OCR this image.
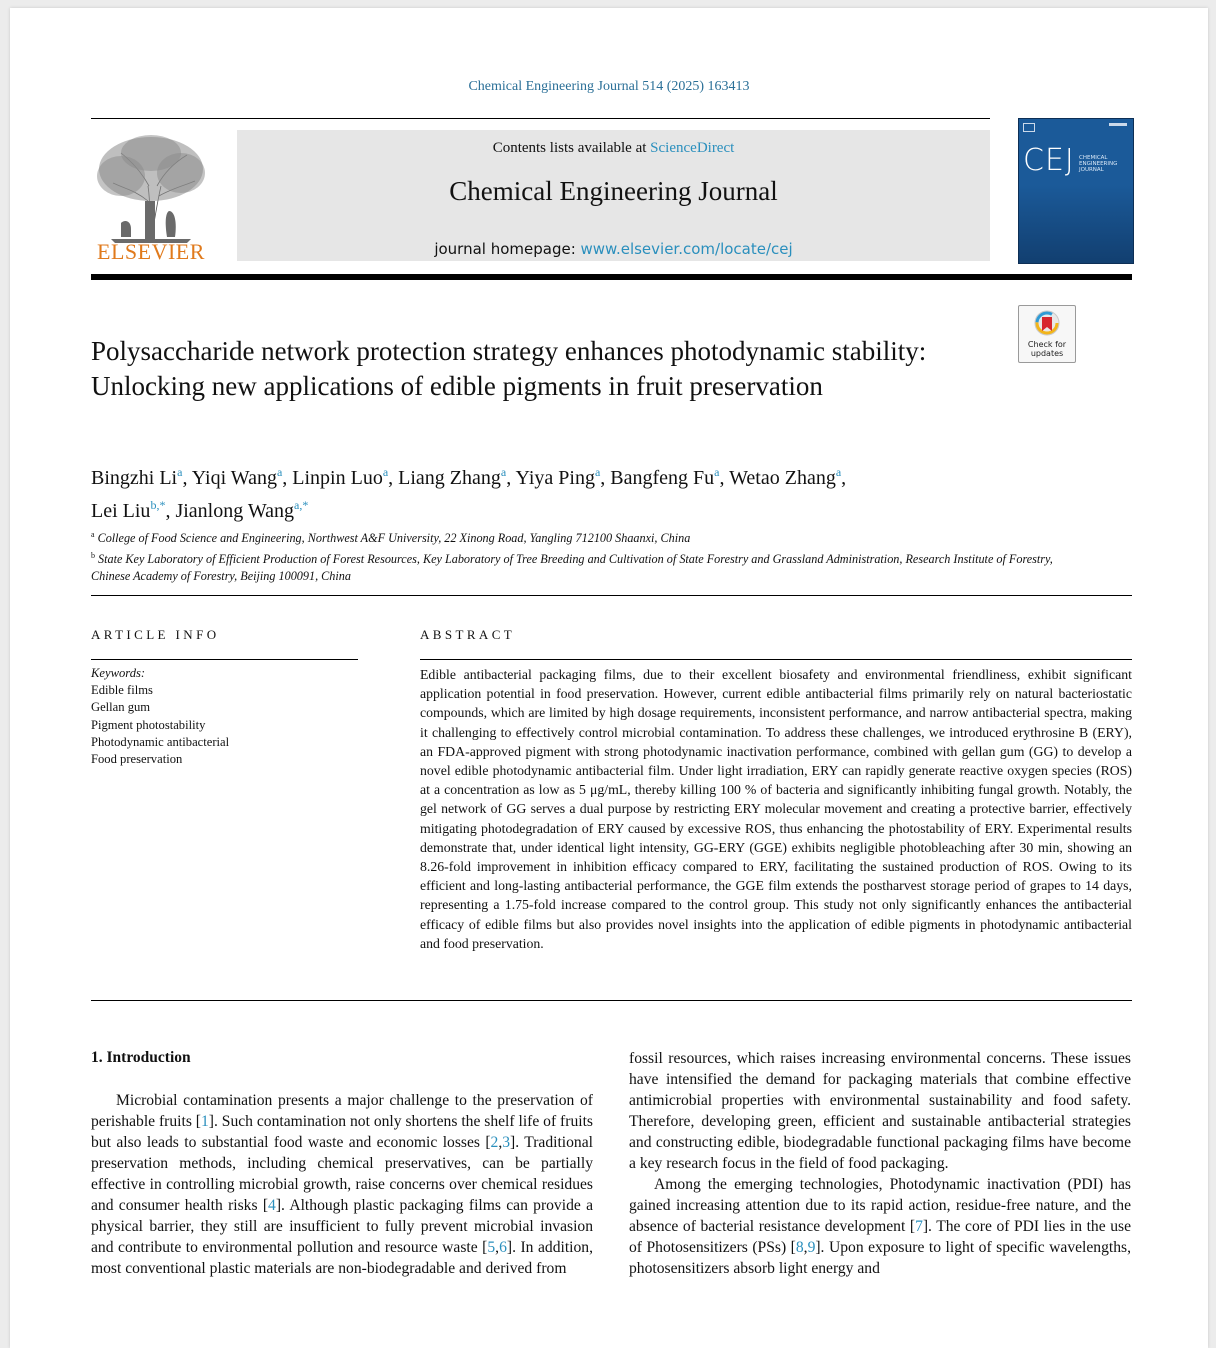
Chemical Engineering Journal 514 (2025) 163413
ELSEVIER
Contents lists available at ScienceDirect
Chemical Engineering Journal
journal homepage: www.elsevier.com/locate/cej
CEJ CHEMICAL ENGINEERING JOURNAL
Check for updates
Polysaccharide network protection strategy enhances photodynamic stability: Unlocking new applications of edible pigments in fruit preservation
Bingzhi Li$^a$, Yiqi Wang$^a$, Linpin Luo$^a$, Liang Zhang$^a$, Yiya Ping$^a$, Bangfeng Fu$^a$, Wetao Zhang$^a$,
Lei Liu$^{b,*}$, Jianlong Wang$^{a,*}$
$^a$ College of Food Science and Engineering, Northwest A&F University, 22 Xinong Road, Yangling 712100 Shaanxi, China
$^b$ State Key Laboratory of Efficient Production of Forest Resources, Key Laboratory of Tree Breeding and Cultivation of State Forestry and Grassland Administration, Research Institute of Forestry, Chinese Academy of Forestry, Beijing 100091, China
ARTICLE INFO	ABSTRACT
Keywords:
Edible films
Gellan gum
Pigment photostability
Photodynamic antibacterial
Food preservation
Edible antibacterial packaging films, due to their excellent biosafety and environmental friendliness, exhibit significant application potential in food preservation. However, current edible antibacterial films primarily rely on natural bacteriostatic compounds, which are limited by high dosage requirements, inconsistent performance, and narrow antibacterial spectra, making it challenging to effectively control microbial contamination. To address these challenges, we introduced erythrosine B (ERY), an FDA-approved pigment with strong photodynamic inactivation performance, combined with gellan gum (GG) to develop a novel edible photodynamic antibacterial film. Under light irradiation, ERY can rapidly generate reactive oxygen species (ROS) at a concentration as low as 5 μg/mL, thereby killing 100 % of bacteria and significantly inhibiting fungal growth. Notably, the gel network of GG serves a dual purpose by restricting ERY molecular movement and creating a protective barrier, effectively mitigating photodegradation of ERY caused by excessive ROS, thus enhancing the photostability of ERY. Experimental results demonstrate that, under identical light intensity, GG-ERY (GGE) exhibits negligible photobleaching after 30 min, showing an 8.26-fold improvement in inhibition efficacy compared to ERY, facilitating the sustained production of ROS. Owing to its efficient and long-lasting antibacterial performance, the GGE film extends the postharvest storage period of grapes to 14 days, representing a 1.75-fold increase compared to the control group. This study not only significantly enhances the antibacterial efficacy of edible films but also provides novel insights into the application of edible pigments in photodynamic antibacterial and food preservation.
1. Introduction

Microbial contamination presents a major challenge to the preservation of perishable fruits [1]. Such contamination not only shortens the shelf life of fruits but also leads to substantial food waste and economic losses [2,3]. Traditional preservation methods, including chemical preservatives, can be partially effective in controlling microbial growth, raise concerns over chemical residues and consumer health risks [4]. Although plastic packaging films can provide a physical barrier, they still are insufficient to fully prevent microbial invasion and contribute to environmental pollution and resource waste [5,6]. In addition, most conventional plastic materials are non-biodegradable and derived from

fossil resources, which raises increasing environmental concerns. These issues have intensified the demand for packaging materials that combine effective antimicrobial properties with environmental sustainability and food safety. Therefore, developing green, efficient and sustainable antibacterial strategies and constructing edible, biodegradable functional packaging films have become a key research focus in the field of food packaging.

Among the emerging technologies, Photodynamic inactivation (PDI) has gained increasing attention due to its rapid action, residue-free nature, and the absence of bacterial resistance development [7]. The core of PDI lies in the use of Photosensitizers (PSs) [8,9]. Upon exposure to light of specific wavelengths, photosensitizers absorb light energy and
